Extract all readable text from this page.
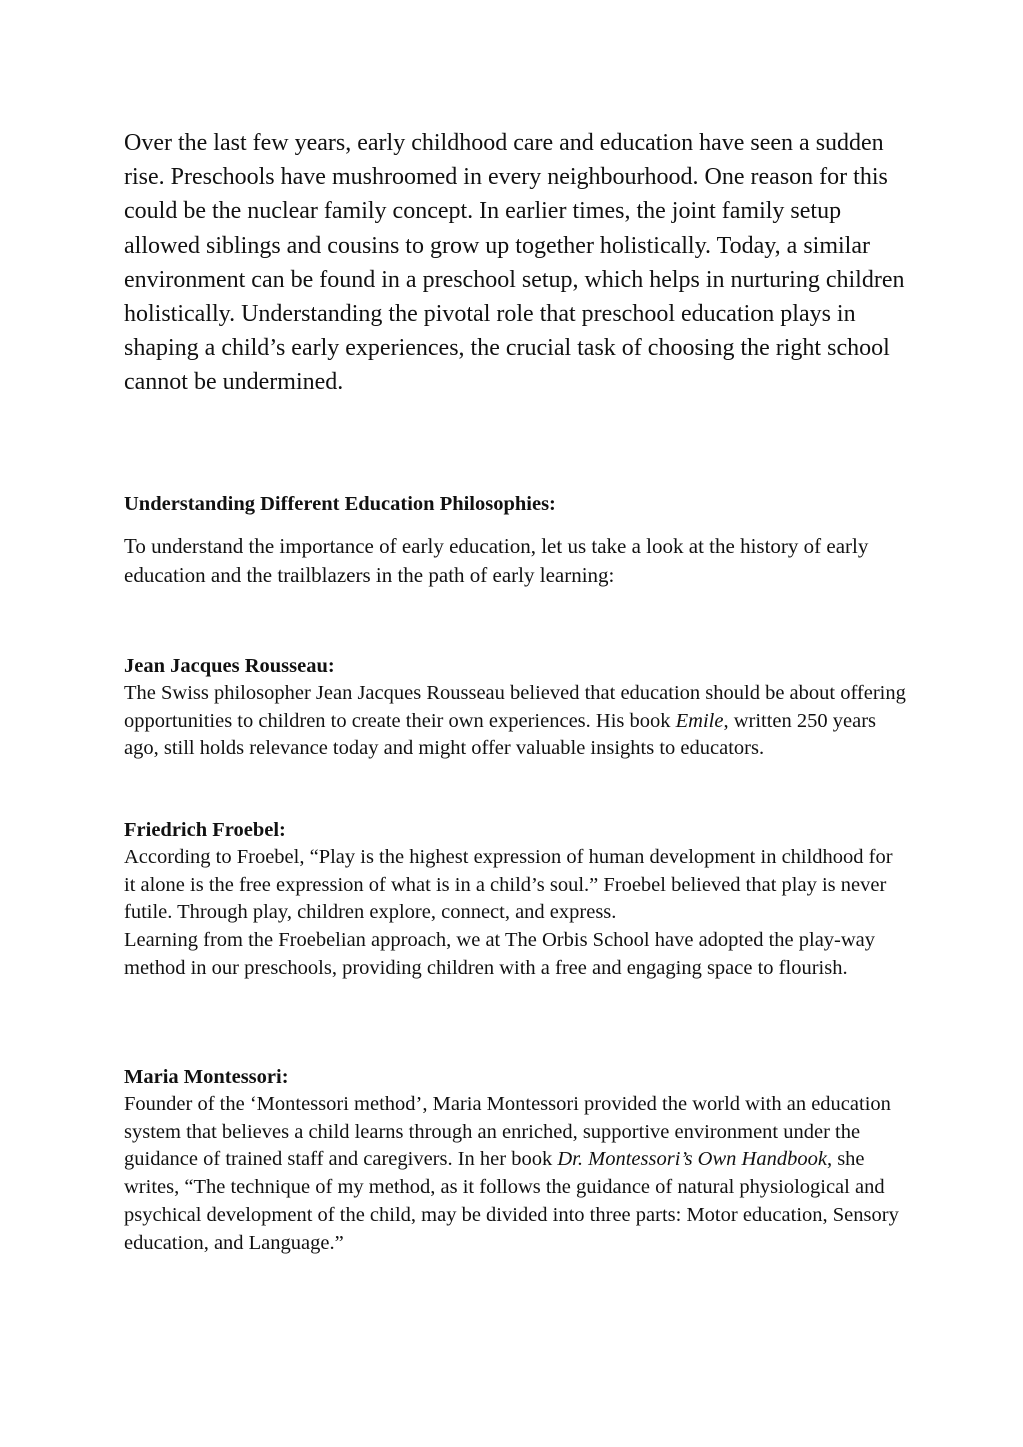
Over the last few years, early childhood care and education have seen a sudden rise. Preschools have mushroomed in every neighbourhood. One reason for this could be the nuclear family concept. In earlier times, the joint family setup allowed siblings and cousins to grow up together holistically. Today, a similar environment can be found in a preschool setup, which helps in nurturing children holistically. Understanding the pivotal role that preschool education plays in shaping a child’s early experiences, the crucial task of choosing the right school cannot be undermined.

Understanding Different Education Philosophies:

To understand the importance of early education, let us take a look at the history of early education and the trailblazers in the path of early learning:

Jean Jacques Rousseau:

The Swiss philosopher Jean Jacques Rousseau believed that education should be about offering opportunities to children to create their own experiences. His book Emile, written 250 years ago, still holds relevance today and might offer valuable insights to educators.

Friedrich Froebel:

According to Froebel, “Play is the highest expression of human development in childhood for it alone is the free expression of what is in a child’s soul.” Froebel believed that play is never futile. Through play, children explore, connect, and express.

Learning from the Froebelian approach, we at The Orbis School have adopted the play-way method in our preschools, providing children with a free and engaging space to flourish.

Maria Montessori:

Founder of the ‘Montessori method’, Maria Montessori provided the world with an education system that believes a child learns through an enriched, supportive environment under the guidance of trained staff and caregivers. In her book Dr. Montessori’s Own Handbook, she writes, “The technique of my method, as it follows the guidance of natural physiological and psychical development of the child, may be divided into three parts: Motor education, Sensory education, and Language.”
